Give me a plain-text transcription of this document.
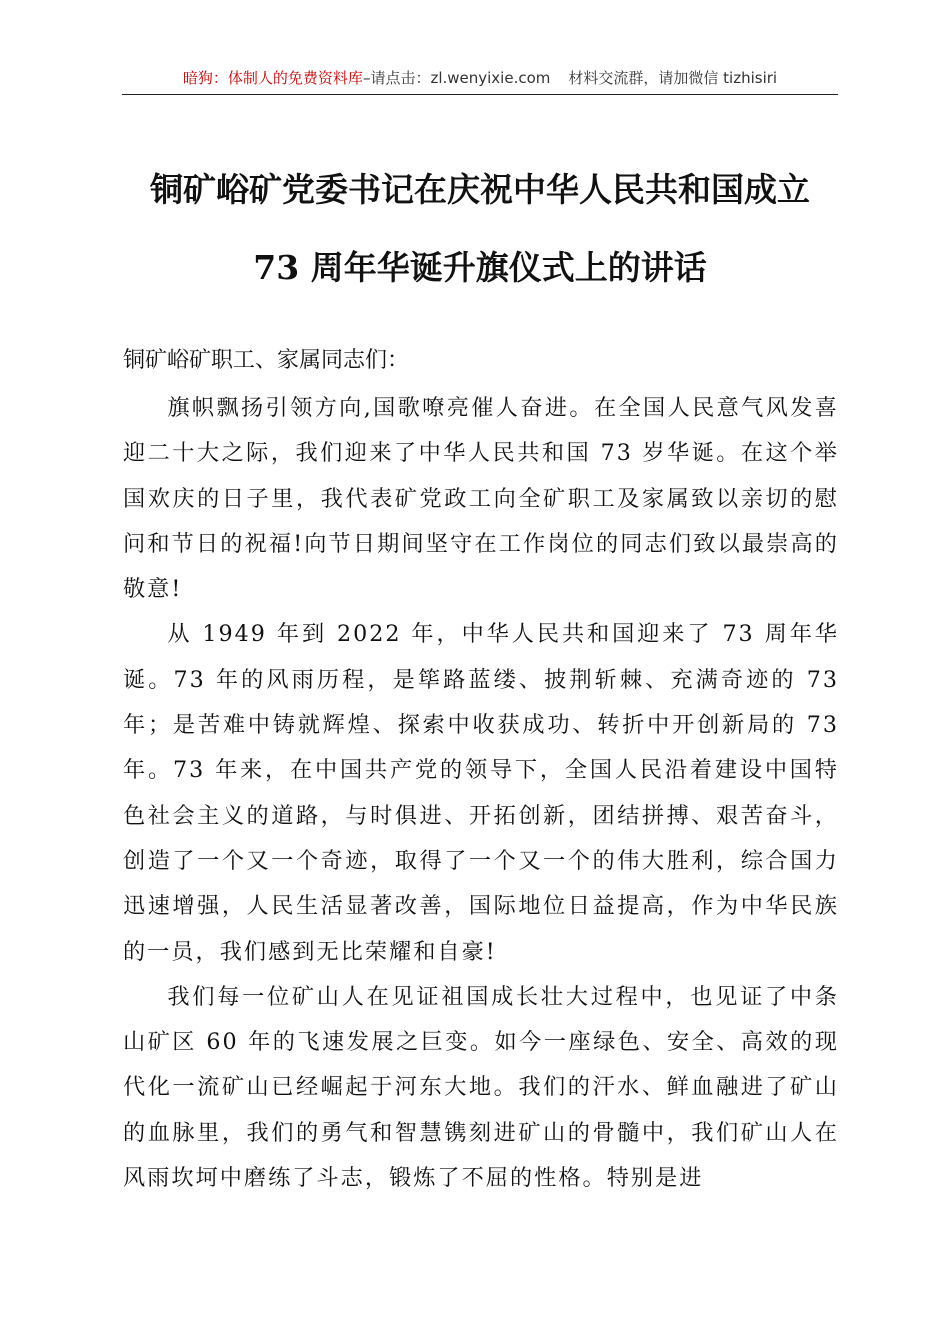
暗狗：体制人的免费资料库–请点击：zl.wenyixie.com 材料交流群，请加微信 tizhisiri
铜矿峪矿党委书记在庆祝中华人民共和国成立
73 周年华诞升旗仪式上的讲话
铜矿峪矿职工、家属同志们：

旗帜飘扬引领方向,国歌嘹亮催人奋进。在全国人民意气风发喜迎二十大之际，我们迎来了中华人民共和国 73 岁华诞。在这个举国欢庆的日子里，我代表矿党政工向全矿职工及家属致以亲切的慰问和节日的祝福!向节日期间坚守在工作岗位的同志们致以最崇高的敬意!

从 1949 年到 2022 年，中华人民共和国迎来了 73 周年华诞。73 年的风雨历程，是筚路蓝缕、披荆斩棘、充满奇迹的 73 年；是苦难中铸就辉煌、探索中收获成功、转折中开创新局的 73 年。73 年来，在中国共产党的领导下，全国人民沿着建设中国特色社会主义的道路，与时俱进、开拓创新，团结拼搏、艰苦奋斗，创造了一个又一个奇迹，取得了一个又一个的伟大胜利，综合国力迅速增强，人民生活显著改善，国际地位日益提高，作为中华民族的一员，我们感到无比荣耀和自豪!

我们每一位矿山人在见证祖国成长壮大过程中，也见证了中条山矿区 60 年的飞速发展之巨变。如今一座绿色、安全、高效的现代化一流矿山已经崛起于河东大地。我们的汗水、鲜血融进了矿山的血脉里，我们的勇气和智慧镌刻进矿山的骨髓中，我们矿山人在风雨坎坷中磨练了斗志，锻炼了不屈的性格。特别是进
